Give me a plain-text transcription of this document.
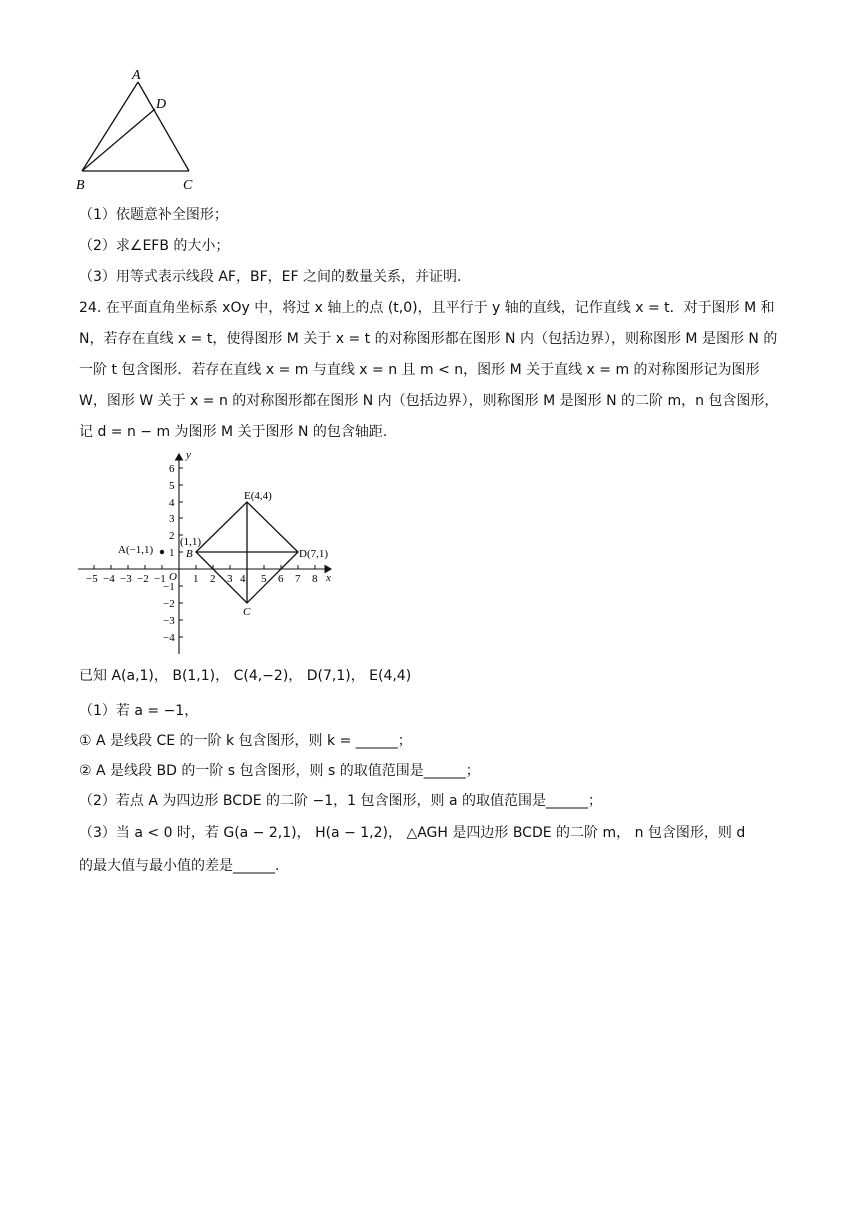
A
D
B	C
（1）依题意补全图形；
（2）求∠EFB 的大小；
（3）用等式表示线段 AF，BF，EF 之间的数量关系，并证明.
24. 在平面直角坐标系 xOy 中，将过 x 轴上的点 (t,0)，且平行于 y 轴的直线，记作直线 x = t．对于图形 M 和 N，若存在直线 x = t，使得图形 M 关于 x = t 的对称图形都在图形 N 内（包括边界），则称图形 M 是图形 N 的一阶 t 包含图形．若存在直线 x = m 与直线 x = n 且 m < n，图形 M 关于直线 x = m 的对称图形记为图形 W，图形 W 关于 x = n 的对称图形都在图形 N 内（包括边界），则称图形 M 是图形 N 的二阶 m，n 包含图形，记 d = n − m 为图形 M 关于图形 N 的包含轴距.
y
x
O
−5 −4 −3 −2 −1 1 2 3 4 5 6 7 8
6
5
4
3
2
1
−1
−2
−3
−4
A(−1,1)
(1,1)
B
C
D(7,1)
E(4,4)
已知 A(a,1)， B(1,1)， C(4,−2)， D(7,1)， E(4,4)
（1）若 a = −1，
① A 是线段 CE 的一阶 k 包含图形，则 k = ______；
② A 是线段 BD 的一阶 s 包含图形，则 s 的取值范围是______；
（2）若点 A 为四边形 BCDE 的二阶 −1，1 包含图形，则 a 的取值范围是______；
（3）当 a < 0 时，若 G(a − 2,1)， H(a − 1,2)， △AGH 是四边形 BCDE 的二阶 m， n 包含图形，则 d
的最大值与最小值的差是______.
